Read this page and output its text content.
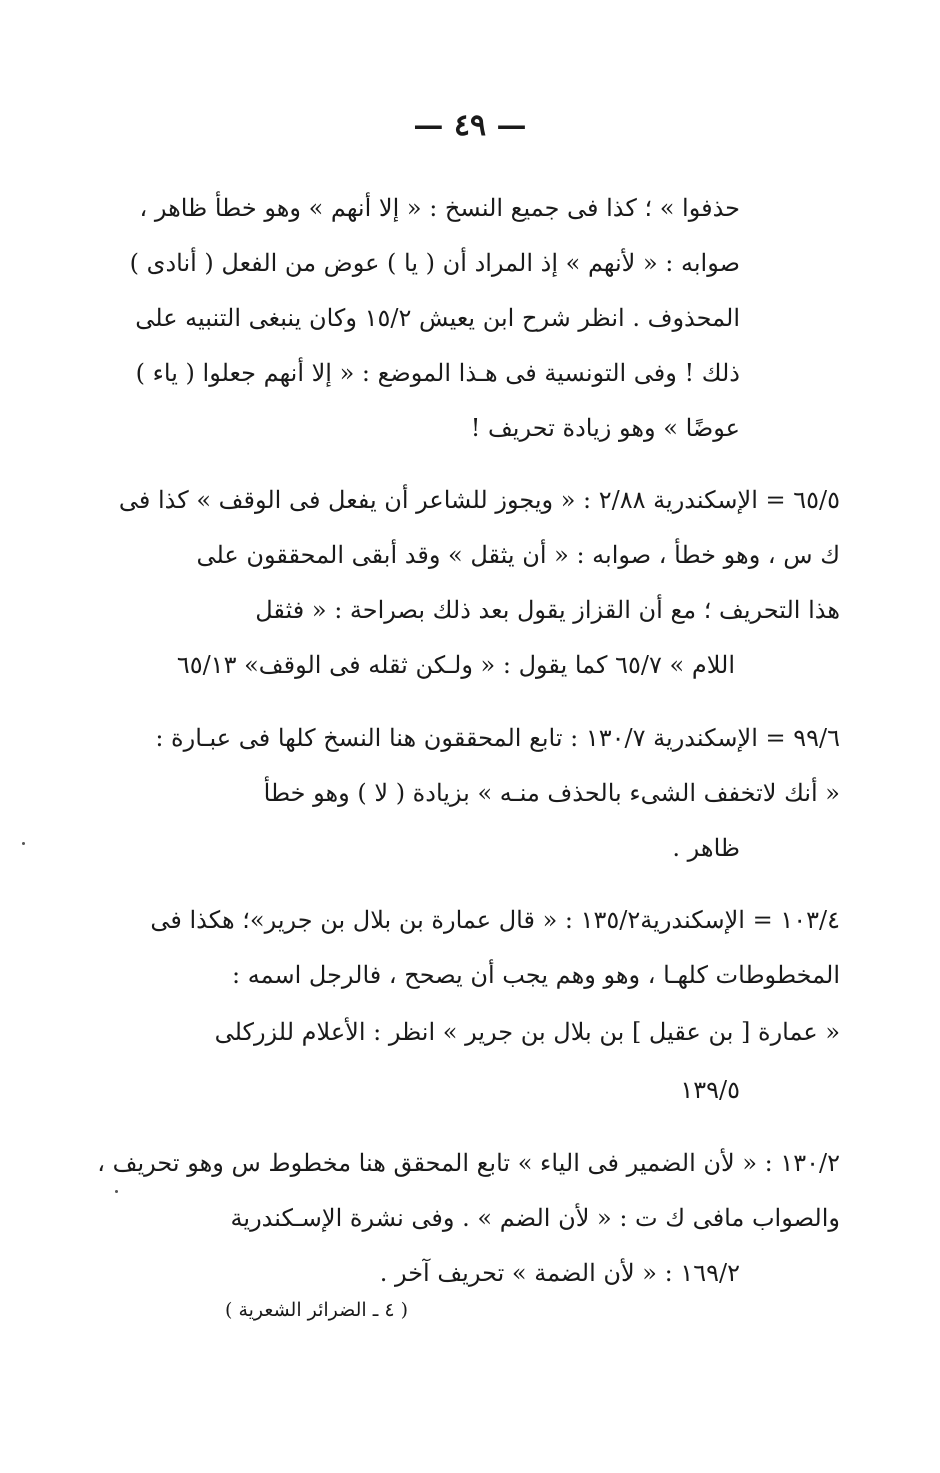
— ٤٩ —
حذفوا » ؛ كذا فى جميع النسخ : « إلا أنهم » وهو خطأ ظاهر ،
صوابه : « لأنهم » إذ المراد أن ( يا ) عوض من الفعل ( أنادى )
المحذوف . انظر شرح ابن يعيش ١٥/٢ وكان ينبغى التنبيه على
ذلك ! وفى التونسية فى هـذا الموضع : « إلا أنهم جعلوا ( ياء )
عوضًا » وهو زيادة تحريف !
٦٥/٥ = الإسكندرية ٢/٨٨ : « ويجوز للشاعر أن يفعل فى الوقف » كذا فى
ك س ، وهو خطأ ، صوابه : « أن يثقل » وقد أبقى المحققون على
هذا التحريف ؛ مع أن القزاز يقول بعد ذلك بصراحة : « فثقل
اللام » ٦٥/٧ كما يقول : « ولـكن ثقله فى الوقف» ٦٥/١٣
٩٩/٦ = الإسكندرية ١٣٠/٧ : تابع المحققون هنا النسخ كلها فى عبـارة :
« أنك لاتخفف الشىء بالحذف منـه » بزيادة ( لا ) وهو خطأ
ظاهر .
١٠٣/٤ = الإسكندرية١٣٥/٢ : « قال عمارة بن بلال بن جرير»؛ هكذا فى
المخطوطات كلهـا ، وهو وهم يجب أن يصحح ، فالرجل اسمه :
« عمارة [ بن عقيل ] بن بلال بن جرير » انظر : الأعلام للزركلى
١٣٩/٥
١٣٠/٢ : « لأن الضمير فى الياء » تابع المحقق هنا مخطوط س وهو تحريف ،
والصواب مافى ك ت : « لأن الضم » . وفى نشرة الإسـكندرية
١٦٩/٢ : « لأن الضمة » تحريف آخر .
( ٤ ـ الضرائر الشعرية )
